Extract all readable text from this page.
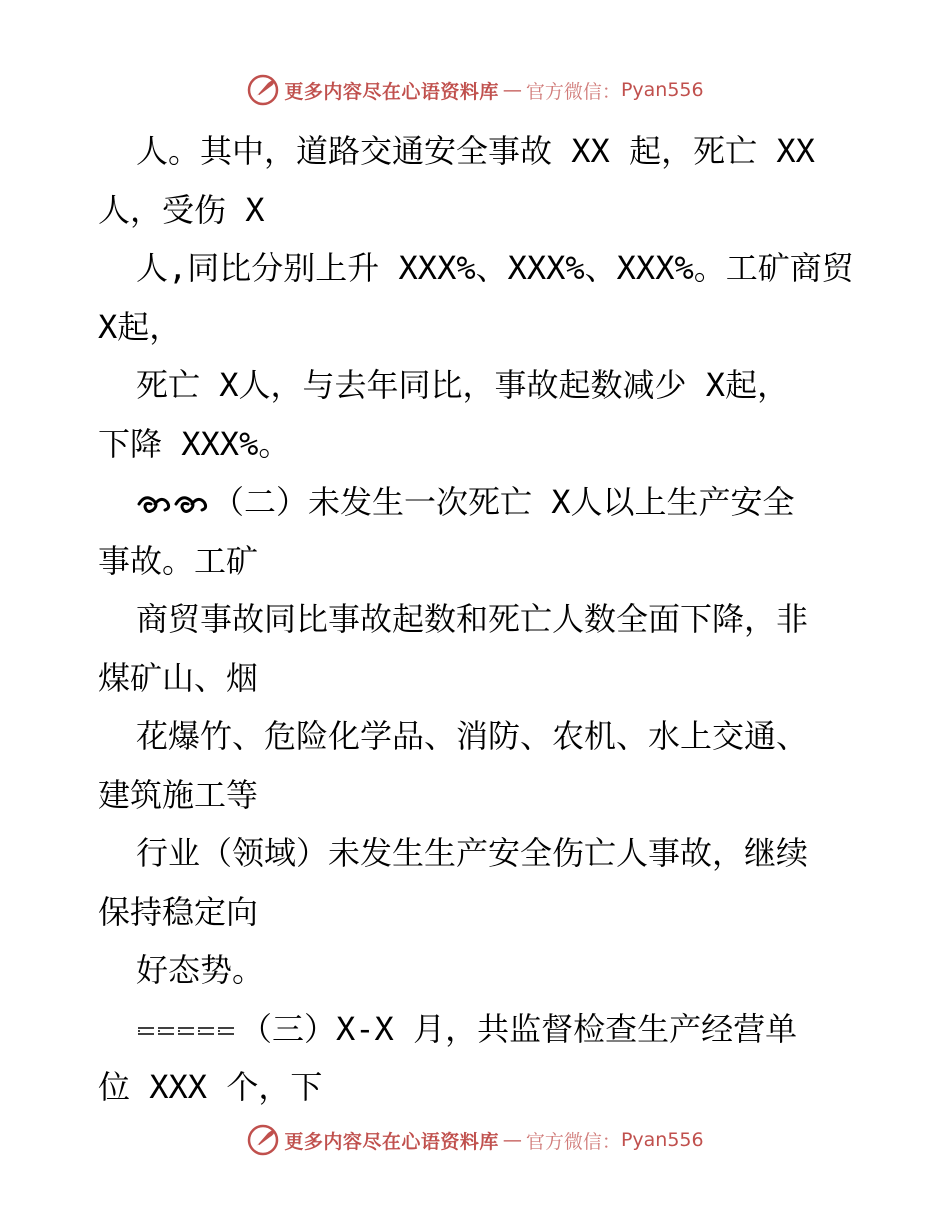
更多内容尽在心语资料库 — 官方微信： Pyan556
人。其中，道路交通安全事故 XX 起，死亡 XX
人，受伤 X
人,同比分别上升 XXX%、XXX%、XXX%。工矿商贸
X起，
死亡 X人，与去年同比，事故起数减少 X起，
下降 XXX%。
（二）未发生一次死亡 X人以上生产安全
事故。工矿
商贸事故同比事故起数和死亡人数全面下降，非
煤矿山、烟
花爆竹、危险化学品、消防、农机、水上交通、
建筑施工等
行业（领域）未发生生产安全伤亡人事故，继续
保持稳定向
好态势。
（三）X-X 月，共监督检查生产经营单
位 XXX 个，下
更多内容尽在心语资料库 — 官方微信： Pyan556
